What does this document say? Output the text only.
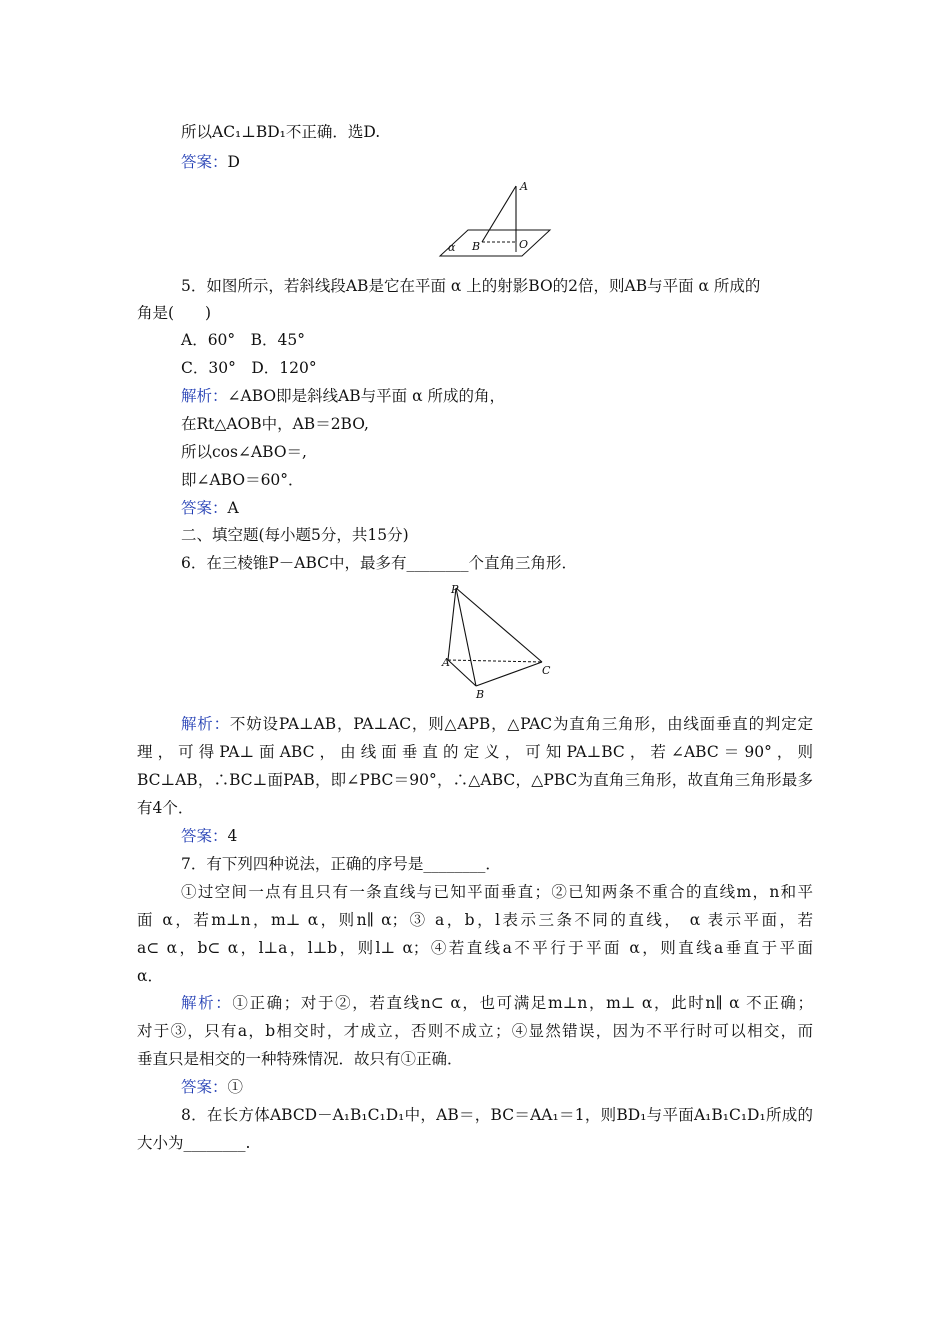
所以AC₁⊥BD₁不正确．选D.
答案：D
A
B	O
α
5．如图所示，若斜线段AB是它在平面 α 上的射影BO的2倍，则AB与平面 α 所成的
角是(　　)
A．60°　B．45°
C．30°　D．120°
解析：∠ABO即是斜线AB与平面 α 所成的角，
在Rt△AOB中，AB＝2BO,
所以cos∠ABO＝,
即∠ABO＝60°．
答案：A
二、填空题(每小题5分，共15分)
6．在三棱锥P－ABC中，最多有________个直角三角形．
P
A
B
C
解析：不妨设PA⊥AB，PA⊥AC，则△APB，△PAC为直角三角形，由线面垂直的判定定
理，可得PA⊥面ABC，由线面垂直的定义，可知PA⊥BC，若∠ABC＝90°，则
BC⊥AB，∴BC⊥面PAB，即∠PBC＝90°，∴△ABC，△PBC为直角三角形，故直角三角形最多
有4个．
答案：4
7．有下列四种说法，正确的序号是________．
①过空间一点有且只有一条直线与已知平面垂直；②已知两条不重合的直线m，n和平
面 α，若m⊥n，m⊥ α，则n∥ α；③ a，b，l表示三条不同的直线， α 表示平面，若
a⊂ α，b⊂ α，l⊥a，l⊥b，则l⊥ α；④若直线a不平行于平面 α，则直线a垂直于平面
α．
解析：①正确；对于②，若直线n⊂ α，也可满足m⊥n，m⊥ α，此时n∥ α 不正确；
对于③，只有a，b相交时，才成立，否则不成立；④显然错误，因为不平行时可以相交，而
垂直只是相交的一种特殊情况．故只有①正确．
答案：①
8．在长方体ABCD－A₁B₁C₁D₁中，AB＝，BC＝AA₁＝1，则BD₁与平面A₁B₁C₁D₁所成的
大小为________.
